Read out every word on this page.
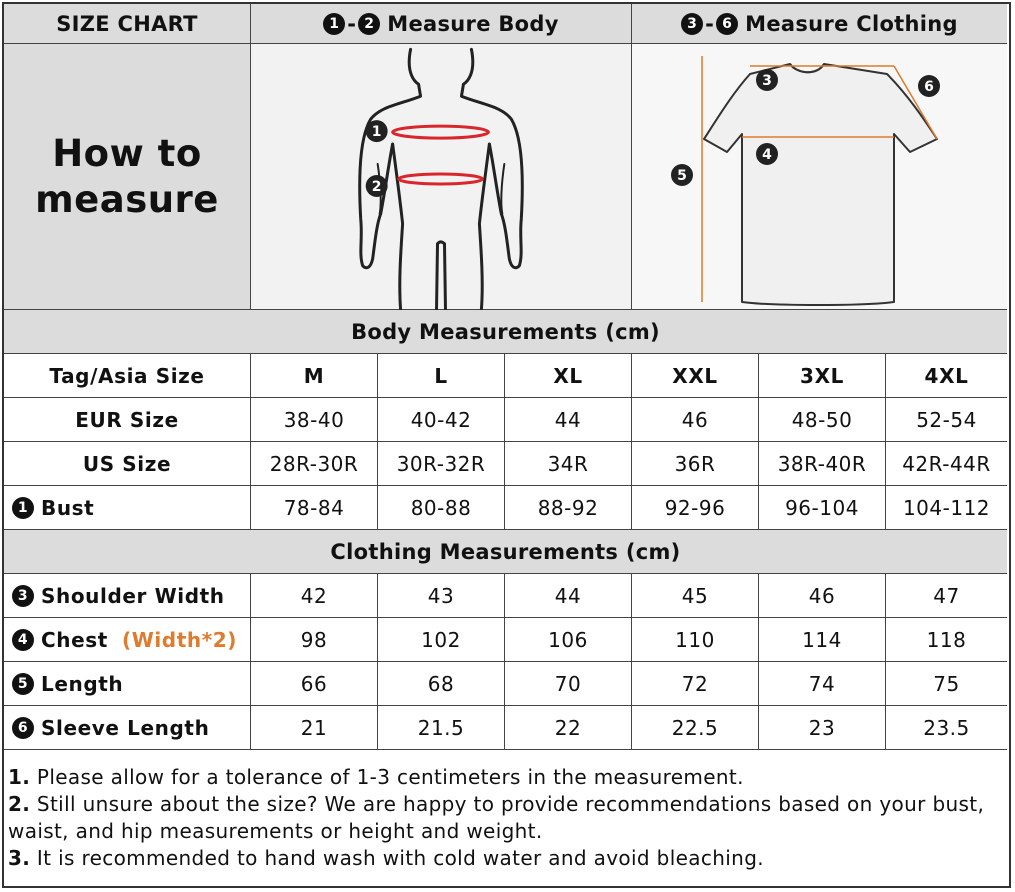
SIZE CHART	1 - 2 Measure Body	3 - 6 Measure Clothing
How to
measure
1
2
3
4
5
6
Body Measurements (cm)
Tag/Asia Size	M	L	XL	XXL	3XL	4XL
EUR Size	38-40	40-42	44	46	48-50	52-54
US Size	28R-30R	30R-32R	34R	36R	38R-40R	42R-44R
1 Bust	78-84	80-88	88-92	92-96	96-104	104-112
Clothing Measurements (cm)
3 Shoulder Width	42	43	44	45	46	47
4 Chest (Width*2)	98	102	106	110	114	118
5 Length	66	68	70	72	74	75
6 Sleeve Length	21	21.5	22	22.5	23	23.5
1. Please allow for a tolerance of 1-3 centimeters in the measurement.
2. Still unsure about the size? We are happy to provide recommendations based on your bust, waist, and hip measurements or height and weight.
3. It is recommended to hand wash with cold water and avoid bleaching.
